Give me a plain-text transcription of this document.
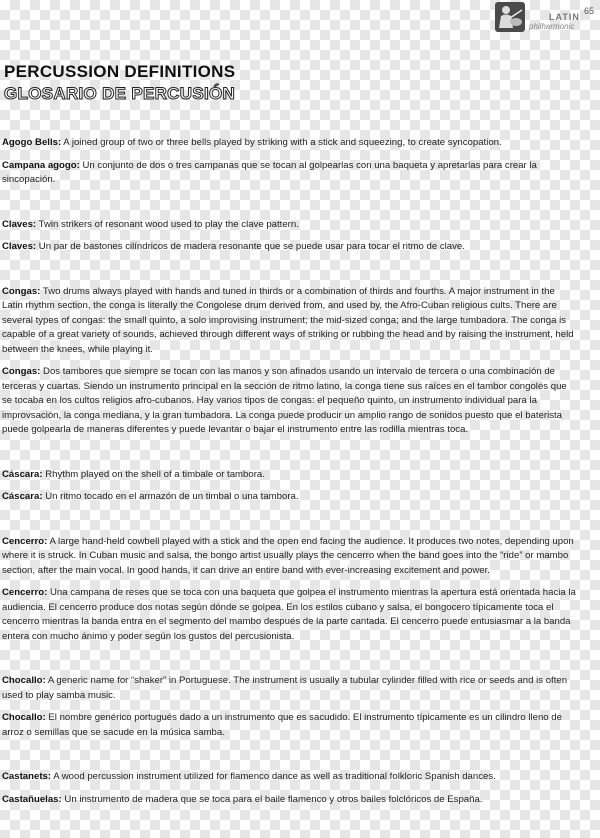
65
LATIN
philharmonic
PERCUSSION DEFINITIONS
GLOSARIO DE PERCUSIÓN

Agogo Bells: A joined group of two or three bells played by striking with a stick and squeezing, to create syncopation.

Campana agogo: Un conjunto de dos o tres campanas que se tocan al golpearlas con una baqueta y apretarlas para crear la sincopación.

Claves: Twin strikers of resonant wood used to play the clave pattern.

Claves: Un par de bastones cilíndricos de madera resonante que se puede usar para tocar el ritmo de clave.

Congas: Two drums always played with hands and tuned in thirds or a combination of thirds and fourths. A major instrument in the Latin rhythm section, the conga is literally the Congolese drum derived from, and used by, the Afro-Cuban religious cults. There are several types of congas: the small quinto, a solo improvising instrument; the mid-sized conga; and the large tumbadora. The conga is capable of a great variety of sounds, achieved through different ways of striking or rubbing the head and by raising the instrument, held between the knees, while playing it.

Congas: Dos tambores que siempre se tocan con las manos y son afinados usando un intervalo de tercera o una combinación de terceras y cuartas. Siendo un instrumento principal en la sección de ritmo latino, la conga tiene sus raíces en el tambor congolés que se tocaba en los cultos religios afro-cubanos. Hay varios tipos de congas: el pequeño quinto, un instrumento individual para la improvsación, la conga mediana, y la gran tumbadora. La conga puede producir un amplio rango de sonidos puesto que el baterista puede golpearla de maneras diferentes y puede levantar o bajar el instrumento entre las rodilla mientras toca.

Cáscara: Rhythm played on the shell of a timbale or tambora.

Cáscara: Un ritmo tocado en el armazón de un timbal o una tambora.

Cencerro: A large hand-held cowbell played with a stick and the open end facing the audience. It produces two notes, depending upon where it is struck. In Cuban music and salsa, the bongo artist usually plays the cencerro when the band goes into the “ride” or mambo section, after the main vocal. In good hands, it can drive an entire band with ever-increasing excitement and power.

Cencerro: Una campana de reses que se toca con una baqueta que golpea el instrumento mientras la apertura está orientada hacia la audiencia. El cencerro produce dos notas según dónde se golpea. En los estilos cubano y salsa, el bongocero típicamente toca el cencerro mientras la banda entra en el segmento del mambo después de la parte cantada. El cencerro puede entusiasmar a la banda entera con mucho ánimo y poder según los gustos del percusionista.

Chocallo: A generic name for “shaker” in Portuguese. The instrument is usually a tubular cylinder filled with rice or seeds and is often used to play samba music.

Chocallo: El nombre genérico portugués dado a un instrumento que es sacudido. El instrumento típicamente es un cilindro lleno de arroz o semillas que se sacude en la música samba.

Castanets: A wood percussion instrument utilized for flamenco dance as well as traditional folkloric Spanish dances.

Castañuelas: Un instrumento de madera que se toca para el baile flamenco y otros bailes folclóricos de España.
